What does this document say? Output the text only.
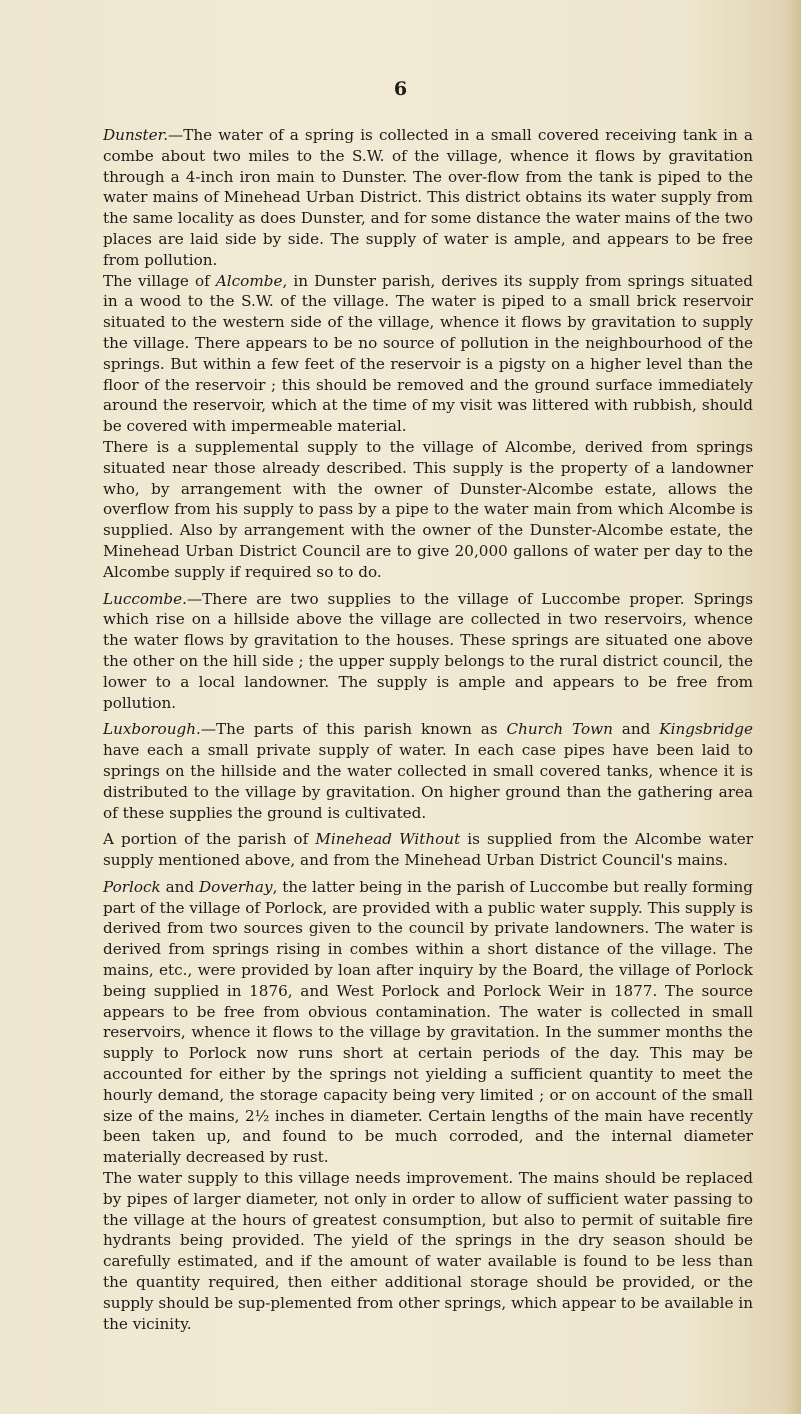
6

Dunster.—The water of a spring is collected in a small covered receiving tank in a combe about two miles to the S.W. of the village, whence it flows by gravitation through a 4-inch iron main to Dunster. The over-flow from the tank is piped to the water mains of Minehead Urban District. This district obtains its water supply from the same locality as does Dunster, and for some distance the water mains of the two places are laid side by side. The supply of water is ample, and appears to be free from pollution.

The village of Alcombe, in Dunster parish, derives its supply from springs situated in a wood to the S.W. of the village. The water is piped to a small brick reservoir situated to the western side of the village, whence it flows by gravitation to supply the village. There appears to be no source of pollution in the neighbourhood of the springs. But within a few feet of the reservoir is a pigsty on a higher level than the floor of the reservoir ; this should be removed and the ground surface immediately around the reservoir, which at the time of my visit was littered with rubbish, should be covered with impermeable material.

There is a supplemental supply to the village of Alcombe, derived from springs situated near those already described. This supply is the property of a landowner who, by arrangement with the owner of Dunster-Alcombe estate, allows the overflow from his supply to pass by a pipe to the water main from which Alcombe is supplied. Also by arrangement with the owner of the Dunster-Alcombe estate, the Minehead Urban District Council are to give 20,000 gallons of water per day to the Alcombe supply if required so to do.

Luccombe.—There are two supplies to the village of Luccombe proper. Springs which rise on a hillside above the village are collected in two reservoirs, whence the water flows by gravitation to the houses. These springs are situated one above the other on the hill side ; the upper supply belongs to the rural district council, the lower to a local landowner. The supply is ample and appears to be free from pollution.

Luxborough.—The parts of this parish known as Church Town and Kingsbridge have each a small private supply of water. In each case pipes have been laid to springs on the hillside and the water collected in small covered tanks, whence it is distributed to the village by gravitation. On higher ground than the gathering area of these supplies the ground is cultivated.

A portion of the parish of Minehead Without is supplied from the Alcombe water supply mentioned above, and from the Minehead Urban District Council's mains.

Porlock and Doverhay, the latter being in the parish of Luccombe but really forming part of the village of Porlock, are provided with a public water supply. This supply is derived from two sources given to the council by private landowners. The water is derived from springs rising in combes within a short distance of the village. The mains, etc., were provided by loan after inquiry by the Board, the village of Porlock being supplied in 1876, and West Porlock and Porlock Weir in 1877. The source appears to be free from obvious contamination. The water is collected in small reservoirs, whence it flows to the village by gravitation. In the summer months the supply to Porlock now runs short at certain periods of the day. This may be accounted for either by the springs not yielding a sufficient quantity to meet the hourly demand, the storage capacity being very limited ; or on account of the small size of the mains, 2½ inches in diameter. Certain lengths of the main have recently been taken up, and found to be much corroded, and the internal diameter materially decreased by rust.

The water supply to this village needs improvement. The mains should be replaced by pipes of larger diameter, not only in order to allow of sufficient water passing to the village at the hours of greatest consumption, but also to permit of suitable fire hydrants being provided. The yield of the springs in the dry season should be carefully estimated, and if the amount of water available is found to be less than the quantity required, then either additional storage should be provided, or the supply should be sup-plemented from other springs, which appear to be available in the vicinity.
